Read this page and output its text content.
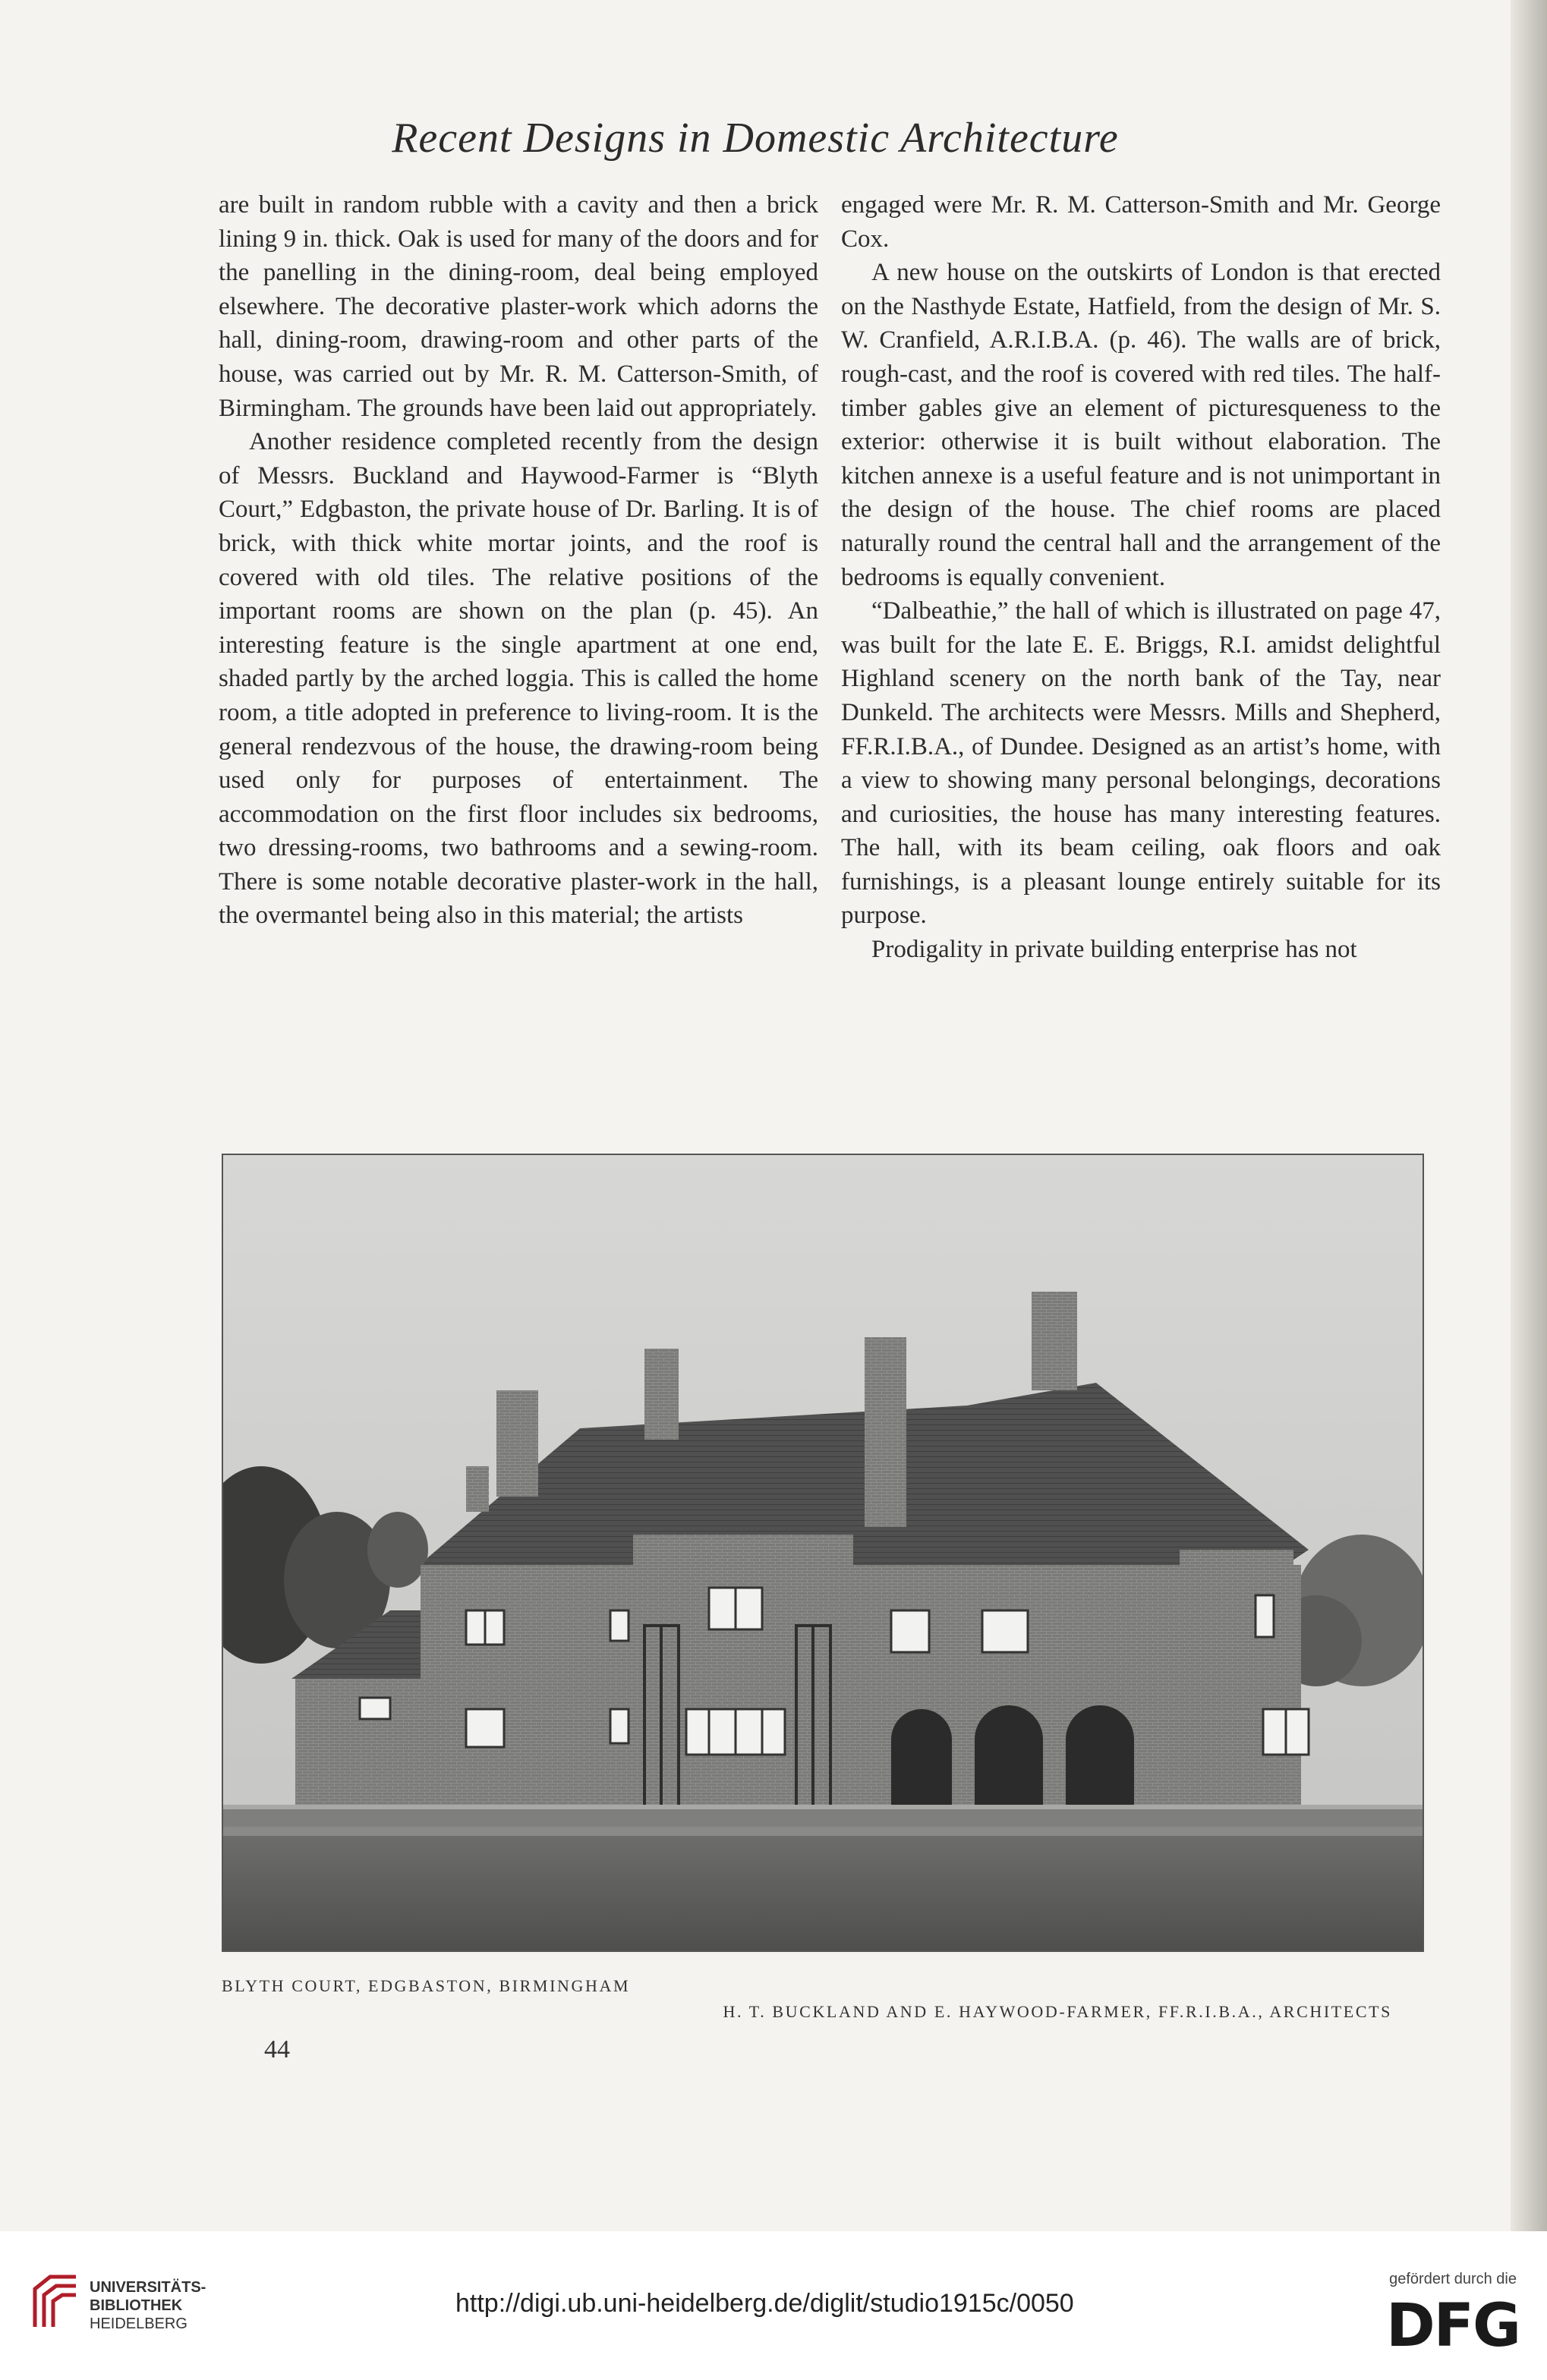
Recent Designs in Domestic Architecture

are built in random rubble with a cavity and then a brick lining 9 in. thick. Oak is used for many of the doors and for the panelling in the dining-room, deal being employed elsewhere. The decorative plaster-work which adorns the hall, dining-room, drawing-room and other parts of the house, was carried out by Mr. R. M. Catterson-Smith, of Birmingham. The grounds have been laid out appropriately.

Another residence completed recently from the design of Messrs. Buckland and Haywood-Farmer is “Blyth Court,” Edgbaston, the private house of Dr. Barling. It is of brick, with thick white mortar joints, and the roof is covered with old tiles. The relative positions of the important rooms are shown on the plan (p. 45). An interesting feature is the single apartment at one end, shaded partly by the arched loggia. This is called the home room, a title adopted in preference to living-room. It is the general rendezvous of the house, the drawing-room being used only for purposes of entertainment. The accommodation on the first floor includes six bedrooms, two dressing-rooms, two bathrooms and a sewing-room. There is some notable decorative plaster-work in the hall, the overmantel being also in this material; the artists

engaged were Mr. R. M. Catterson-Smith and Mr. George Cox.

A new house on the outskirts of London is that erected on the Nasthyde Estate, Hatfield, from the design of Mr. S. W. Cranfield, A.R.I.B.A. (p. 46). The walls are of brick, rough-cast, and the roof is covered with red tiles. The half-timber gables give an element of picturesqueness to the exterior: otherwise it is built without elaboration. The kitchen annexe is a useful feature and is not unimportant in the design of the house. The chief rooms are placed naturally round the central hall and the arrangement of the bedrooms is equally convenient.

“Dalbeathie,” the hall of which is illustrated on page 47, was built for the late E. E. Briggs, R.I. amidst delightful Highland scenery on the north bank of the Tay, near Dunkeld. The architects were Messrs. Mills and Shepherd, FF.R.I.B.A., of Dundee. Designed as an artist’s home, with a view to showing many personal belongings, decorations and curiosities, the house has many interesting features. The hall, with its beam ceiling, oak floors and oak furnishings, is a pleasant lounge entirely suitable for its purpose.

Prodigality in private building enterprise has not

BLYTH COURT, EDGBASTON, BIRMINGHAM
H. T. BUCKLAND AND E. HAYWOOD-FARMER, FF.R.I.B.A., ARCHITECTS
44
UNIVERSITÄTS-
BIBLIOTHEK
HEIDELBERG
http://digi.ub.uni-heidelberg.de/diglit/studio1915c/0050
gefördert durch die
DFG
